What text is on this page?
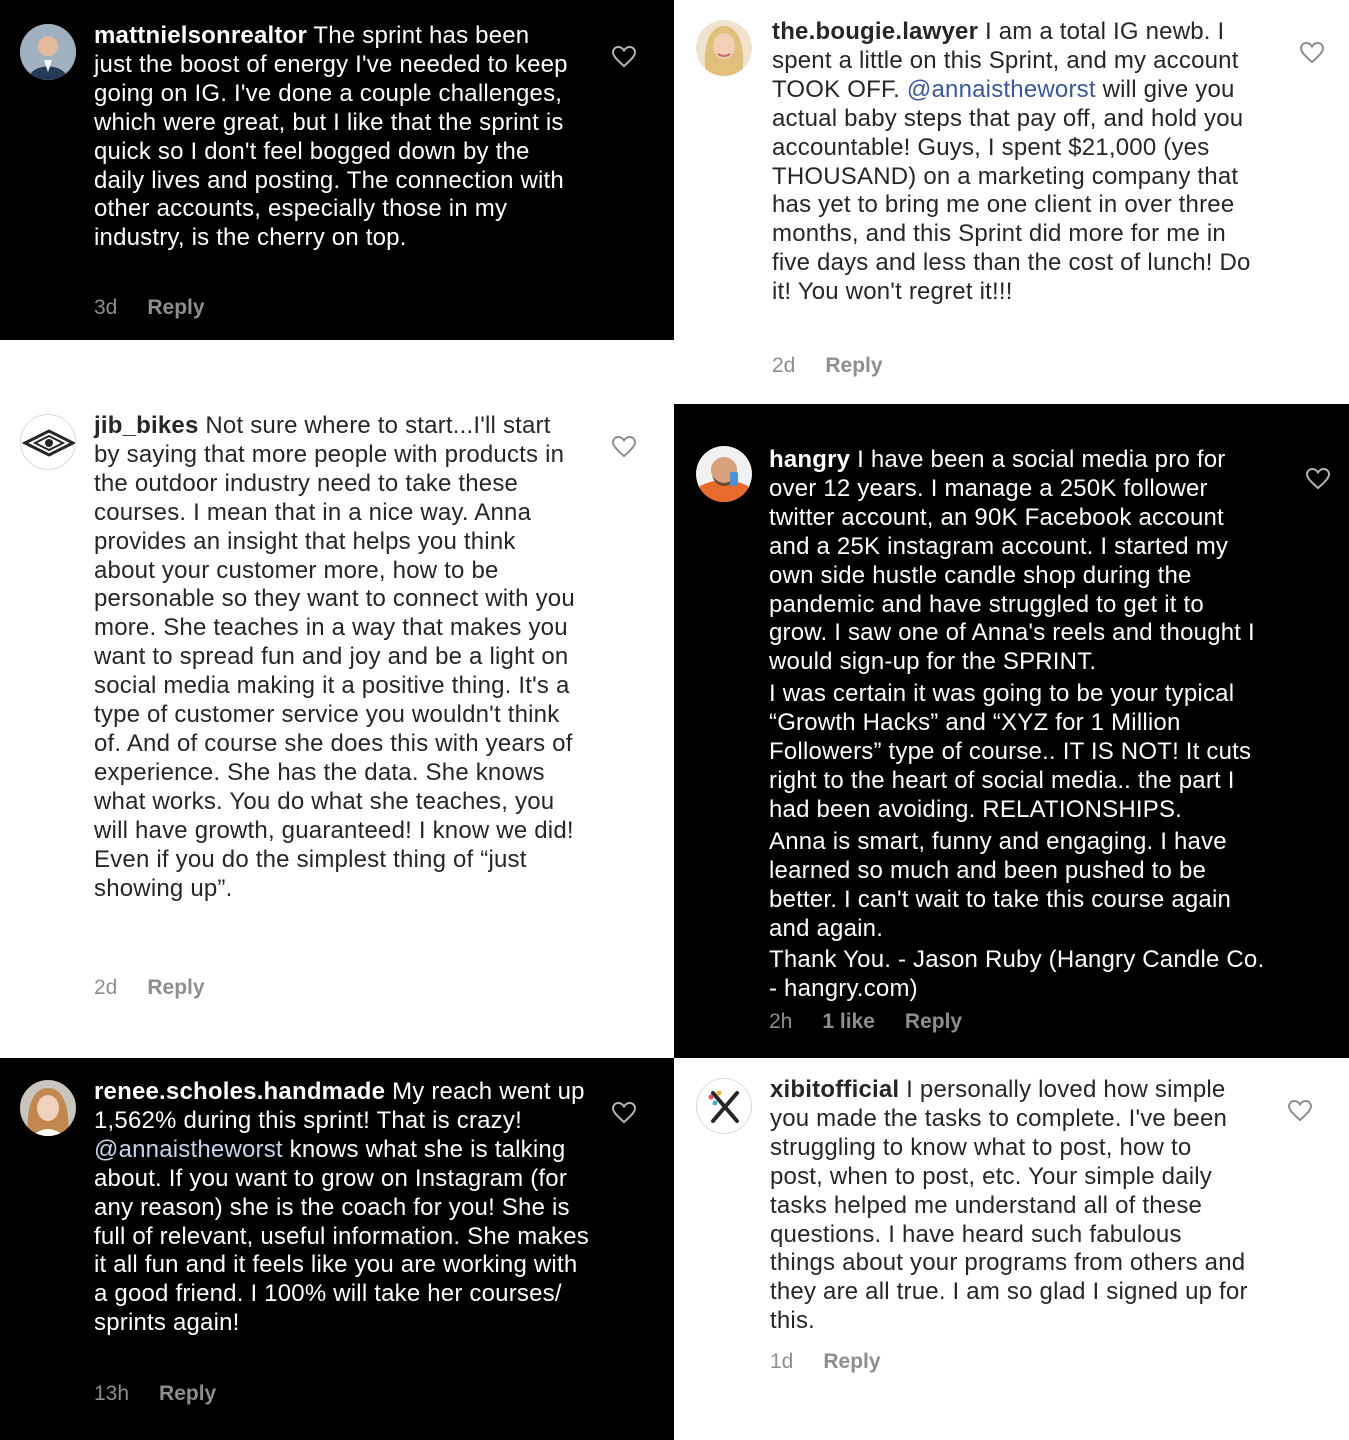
mattnielsonrealtor The sprint has been just the boost of energy I've needed to keep going on IG. I've done a couple challenges, which were great, but I like that the sprint is quick so I don't feel bogged down by the daily lives and posting. The connection with other accounts, especially those in my industry, is the cherry on top.
3d Reply
the.bougie.lawyer I am a total IG newb. I spent a little on this Sprint, and my account TOOK OFF. @annaistheworst will give you actual baby steps that pay off, and hold you accountable! Guys, I spent $21,000 (yes THOUSAND) on a marketing company that has yet to bring me one client in over three months, and this Sprint did more for me in five days and less than the cost of lunch! Do it! You won't regret it!!!
2d Reply
jib_bikes Not sure where to start...I'll start by saying that more people with products in the outdoor industry need to take these courses. I mean that in a nice way. Anna provides an insight that helps you think about your customer more, how to be personable so they want to connect with you more. She teaches in a way that makes you want to spread fun and joy and be a light on social media making it a positive thing. It's a type of customer service you wouldn't think of. And of course she does this with years of experience. She has the data. She knows what works. You do what she teaches, you will have growth, guaranteed! I know we did! Even if you do the simplest thing of “just showing up”.
2d Reply
hangry I have been a social media pro for over 12 years. I manage a 250K follower twitter account, an 90K Facebook account and a 25K instagram account. I started my own side hustle candle shop during the pandemic and have struggled to get it to grow. I saw one of Anna's reels and thought I would sign-up for the SPRINT.
I was certain it was going to be your typical “Growth Hacks” and “XYZ for 1 Million Followers” type of course.. IT IS NOT! It cuts right to the heart of social media.. the part I had been avoiding. RELATIONSHIPS.
Anna is smart, funny and engaging. I have learned so much and been pushed to be better. I can't wait to take this course again and again.
Thank You. - Jason Ruby (Hangry Candle Co. - hangry.com)
2h 1 like Reply
renee.scholes.handmade My reach went up 1,562% during this sprint! That is crazy! @annaistheworst knows what she is talking about. If you want to grow on Instagram (for any reason) she is the coach for you! She is full of relevant, useful information. She makes it all fun and it feels like you are working with a good friend. I 100% will take her courses/ sprints again!
13h Reply
xibitofficial I personally loved how simple you made the tasks to complete. I've been struggling to know what to post, how to post, when to post, etc. Your simple daily tasks helped me understand all of these questions. I have heard such fabulous things about your programs from others and they are all true. I am so glad I signed up for this.
1d Reply
